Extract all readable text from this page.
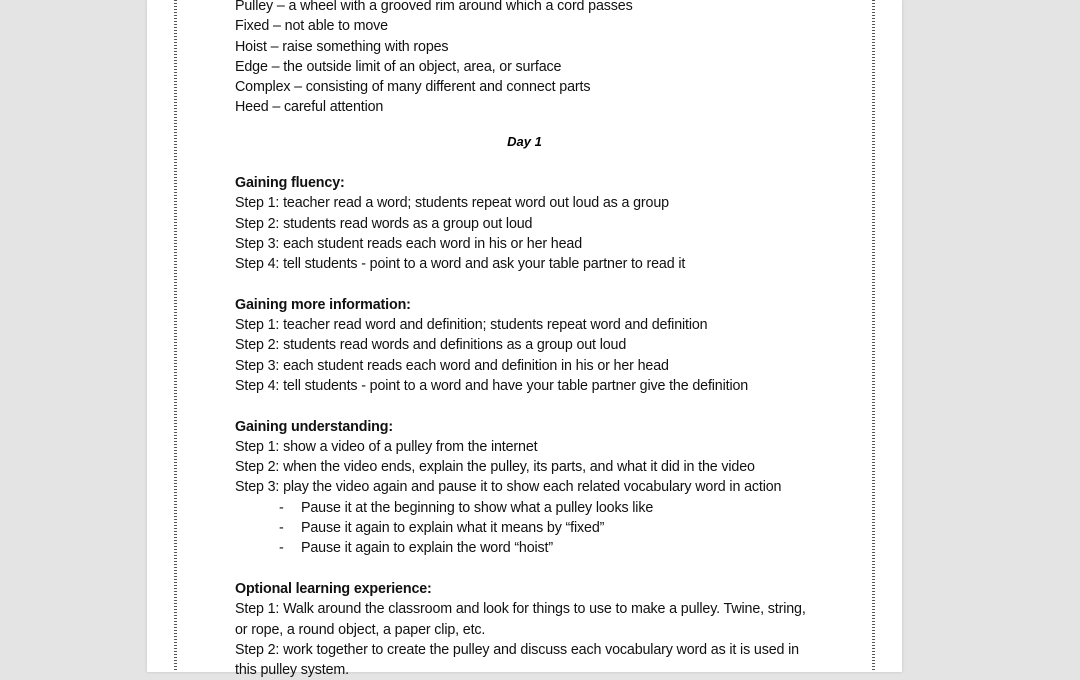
Pulley – a wheel with a grooved rim around which a cord passes
Fixed – not able to move
Hoist – raise something with ropes
Edge – the outside limit of an object, area, or surface
Complex – consisting of many different and connect parts
Heed – careful attention
Day 1
Gaining fluency:
Step 1: teacher read a word; students repeat word out loud as a group
Step 2: students read words as a group out loud
Step 3: each student reads each word in his or her head
Step 4: tell students - point to a word and ask your table partner to read it
Gaining more information:
Step 1: teacher read word and definition; students repeat word and definition
Step 2: students read words and definitions as a group out loud
Step 3: each student reads each word and definition in his or her head
Step 4: tell students - point to a word and have your table partner give the definition
Gaining understanding:
Step 1: show a video of a pulley from the internet
Step 2: when the video ends, explain the pulley, its parts, and what it did in the video
Step 3: play the video again and pause it to show each related vocabulary word in action
- Pause it at the beginning to show what a pulley looks like
- Pause it again to explain what it means by “fixed”
- Pause it again to explain the word “hoist”
Optional learning experience:
Step 1: Walk around the classroom and look for things to use to make a pulley. Twine, string, or rope, a round object, a paper clip, etc.
Step 2: work together to create the pulley and discuss each vocabulary word as it is used in this pulley system.
